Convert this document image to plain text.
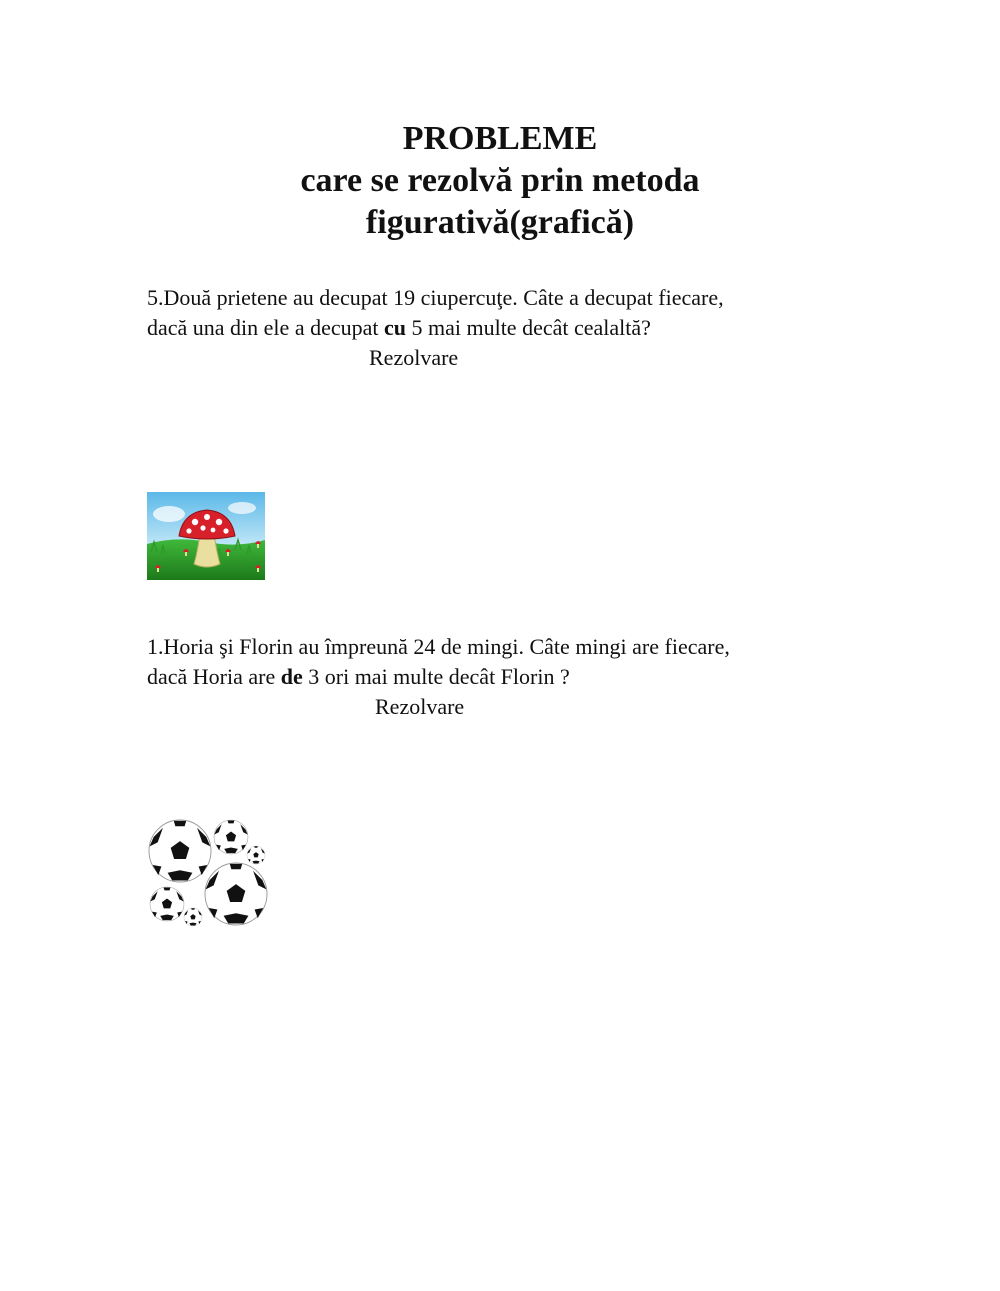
PROBLEME
care se rezolvă prin metoda
figurativă(grafică)

5.Două prietene au decupat 19 ciupercuţe. Câte a decupat fiecare,

dacă una din ele a decupat cu 5 mai multe decât cealaltă?

Rezolvare

1.Horia şi Florin au împreună 24 de mingi. Câte mingi are fiecare,

dacă Horia are de 3 ori mai multe decât Florin ?

Rezolvare
